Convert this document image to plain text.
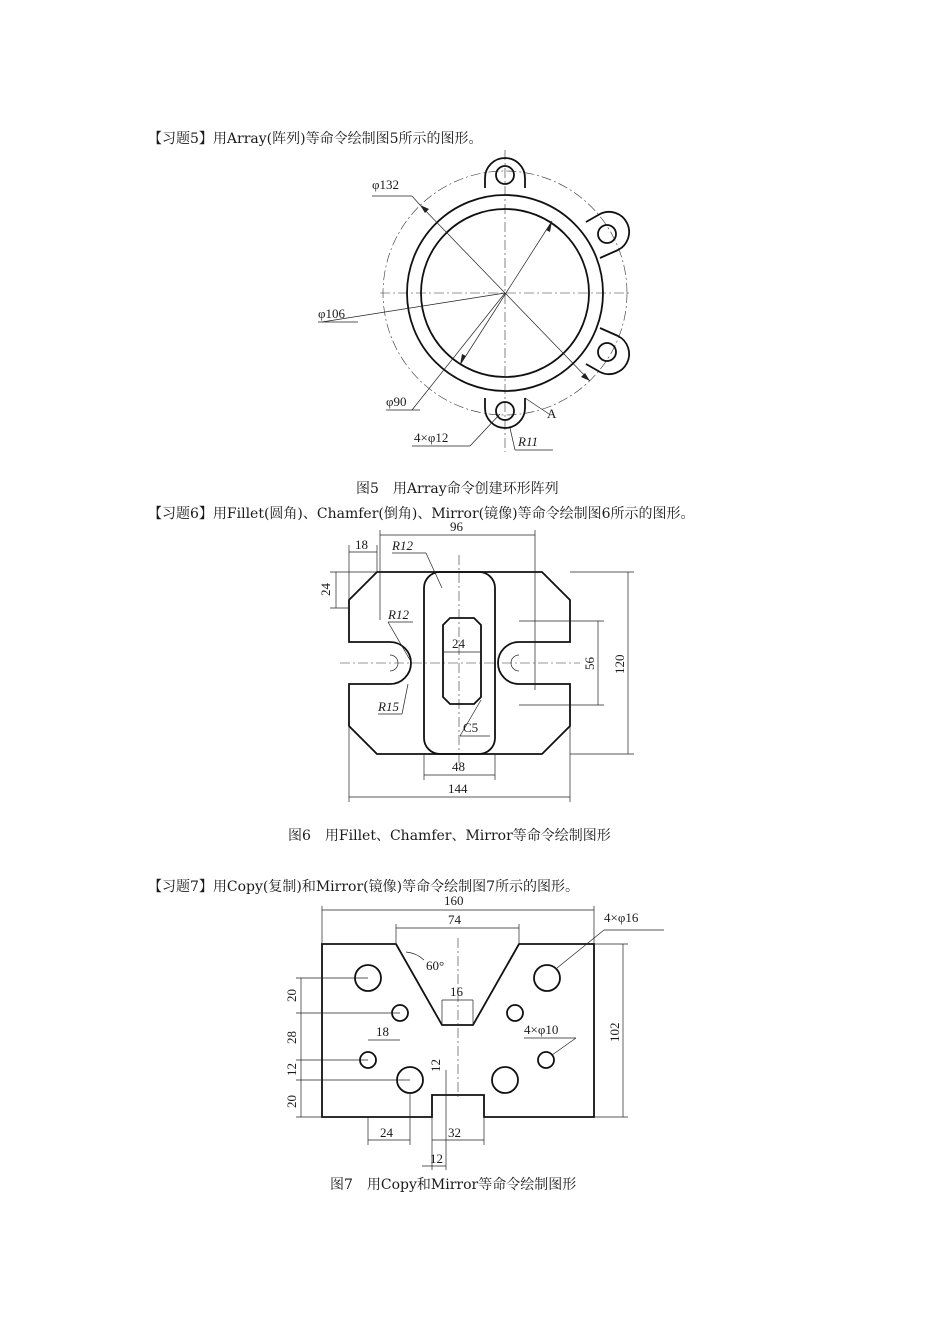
【习题5】用Array(阵列)等命令绘制图5所示的图形。
φ132
φ106
φ90
4×φ12	R11
A
图5　用Array命令创建环形阵列
【习题6】用Fillet(圆角)、Chamfer(倒角)、Mirror(镜像)等命令绘制图6所示的图形。
96
18 R12
24
R12
24
56 120
R15
C5
48
144
图6　用Fillet、Chamfer、Mirror等命令绘制图形
【习题7】用Copy(复制)和Mirror(镜像)等命令绘制图7所示的图形。
160
74	4×φ16
60°
20	16
28	18	4×φ10
12	12
20
102
24	32
12
图7　用Copy和Mirror等命令绘制图形
